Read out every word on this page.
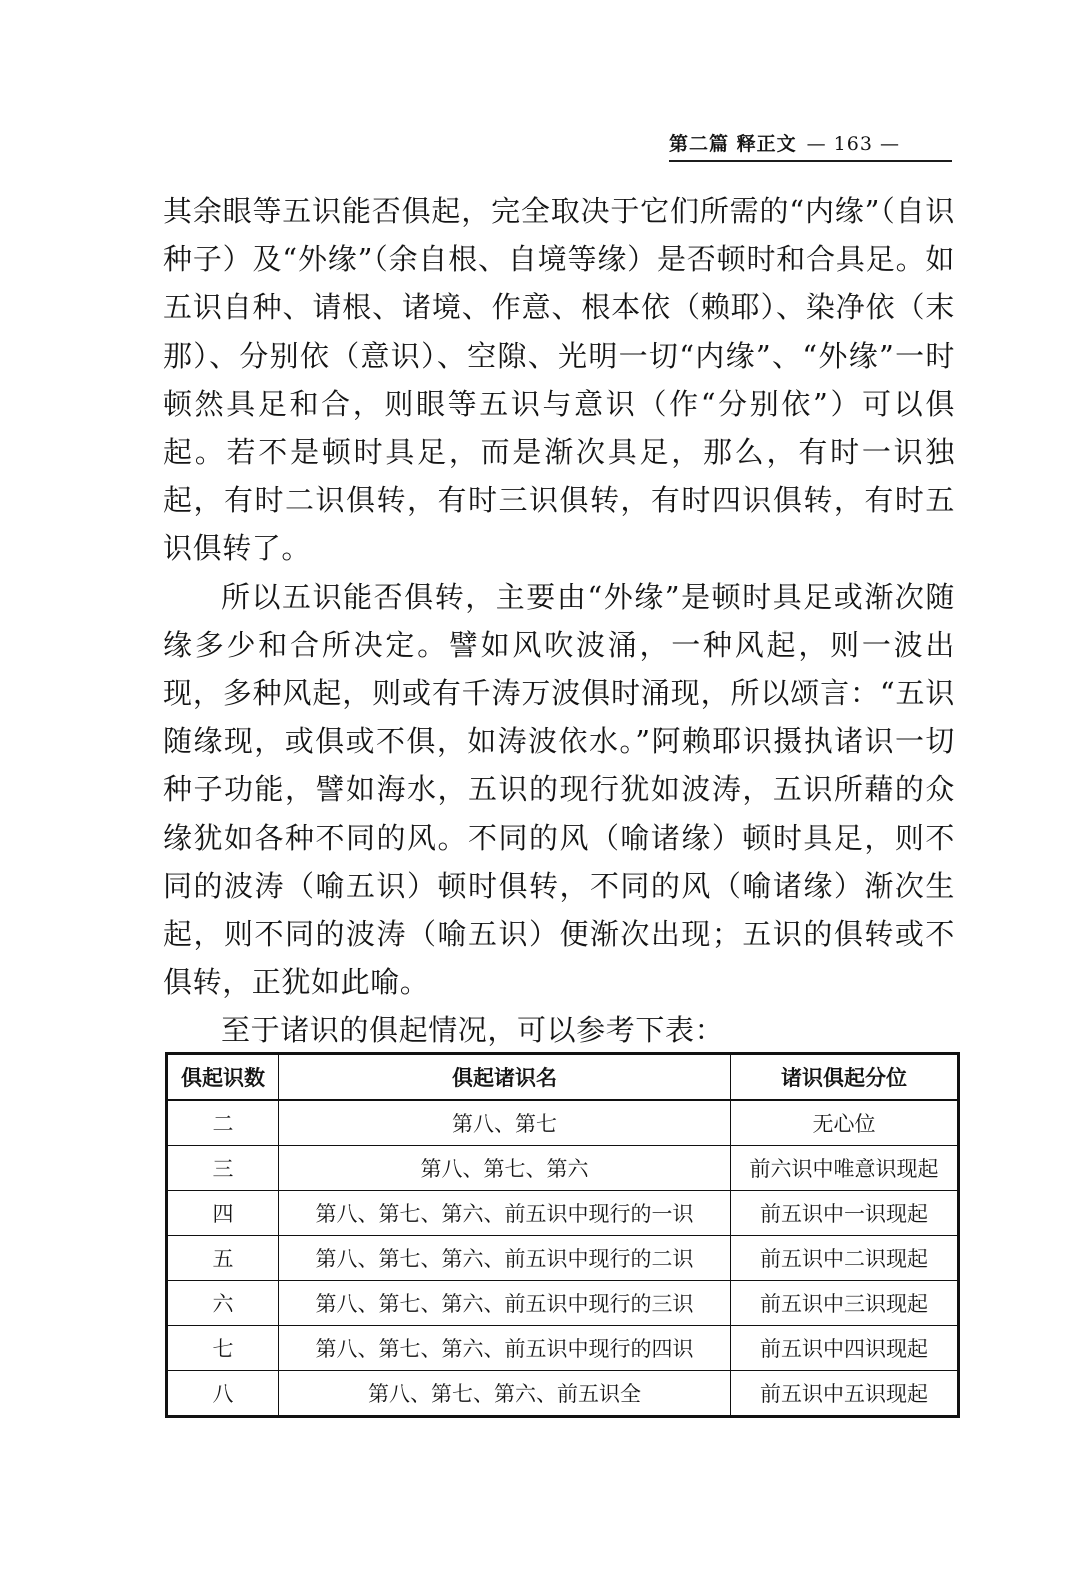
第二篇 释正文 — 163 —

其余眼等五识能否俱起，完全取决于它们所需的“内缘”（自识种子）及“外缘”（余自根、自境等缘）是否顿时和合具足。如五识自种、请根、诸境、作意、根本依（赖耶）、染净依（末那）、分别依（意识）、空隙、光明一切“内缘”、“外缘”一时顿然具足和合，则眼等五识与意识（作“分别依”）可以俱起。若不是顿时具足，而是渐次具足，那么，有时一识独起，有时二识俱转，有时三识俱转，有时四识俱转，有时五识俱转了。

所以五识能否俱转，主要由“外缘”是顿时具足或渐次随缘多少和合所决定。譬如风吹波涌，一种风起，则一波出现，多种风起，则或有千涛万波俱时涌现，所以颂言：“五识随缘现，或俱或不俱，如涛波依水。”阿赖耶识摄执诸识一切种子功能，譬如海水，五识的现行犹如波涛，五识所藉的众缘犹如各种不同的风。不同的风（喻诸缘）顿时具足，则不同的波涛（喻五识）顿时俱转，不同的风（喻诸缘）渐次生起，则不同的波涛（喻五识）便渐次出现；五识的俱转或不俱转，正犹如此喻。

至于诸识的俱起情况，可以参考下表：

俱起识数	俱起诸识名	诸识俱起分位
二	第八、第七	无心位
三	第八、第七、第六	前六识中唯意识现起
四	第八、第七、第六、前五识中现行的一识	前五识中一识现起
五	第八、第七、第六、前五识中现行的二识	前五识中二识现起
六	第八、第七、第六、前五识中现行的三识	前五识中三识现起
七	第八、第七、第六、前五识中现行的四识	前五识中四识现起
八	第八、第七、第六、前五识全	前五识中五识现起
